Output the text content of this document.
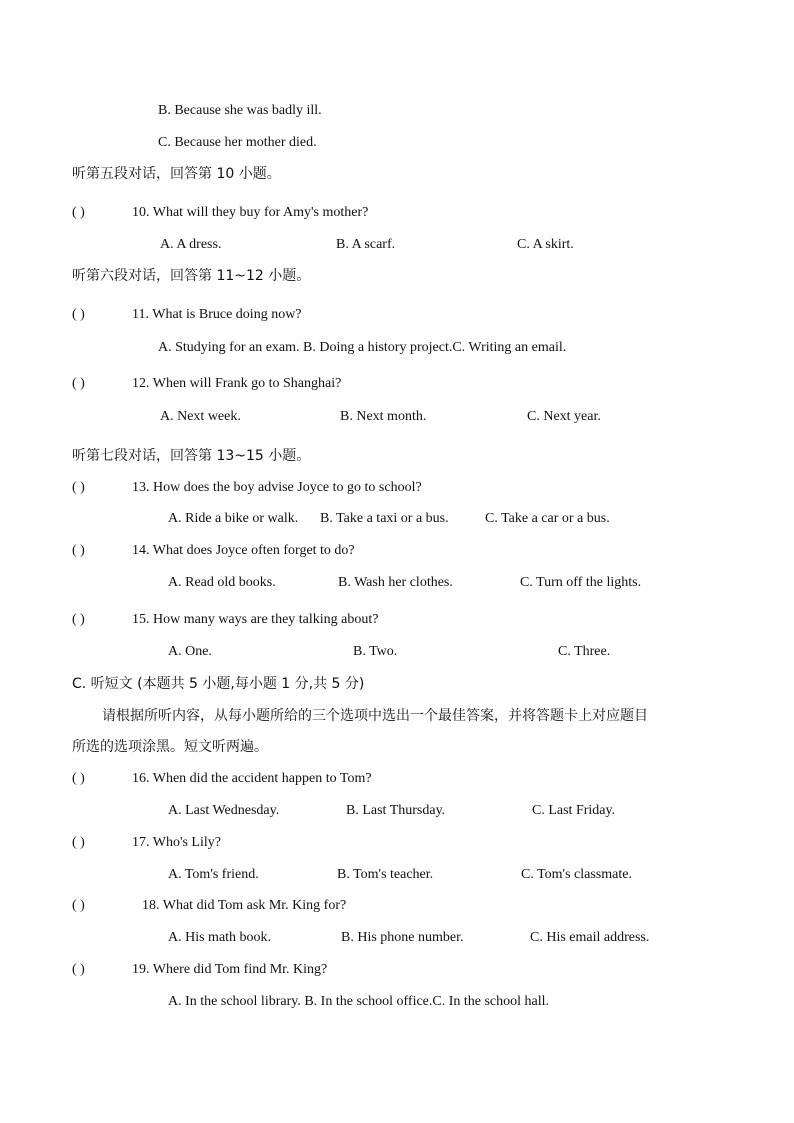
B. Because she was badly ill.
C. Because her mother died.
听第五段对话，回答第 10 小题。
( )	10. What will they buy for Amy's mother?
A. A dress.	B. A scarf.	C. A skirt.
听第六段对话，回答第 11~12 小题。
( )	11. What is Bruce doing now?
A. Studying for an exam. B. Doing a history project.C. Writing an email.
( )	12. When will Frank go to Shanghai?
A. Next week.	B. Next month.	C. Next year.
听第七段对话，回答第 13~15 小题。
( )	13. How does the boy advise Joyce to go to school?
A. Ride a bike or walk. B. Take a taxi or a bus.	C. Take a car or a bus.
( )	14. What does Joyce often forget to do?
A. Read old books.	B. Wash her clothes.	C. Turn off the lights.
( )	15. How many ways are they talking about?
A. One.	B. Two.	C. Three.
C. 听短文 (本题共 5 小题,每小题 1 分,共 5 分)
请根据所听内容，从每小题所给的三个选项中选出一个最佳答案，并将答题卡上对应题目
所选的选项涂黑。短文听两遍。
( )	16. When did the accident happen to Tom?
A. Last Wednesday.	B. Last Thursday.	C. Last Friday.
( )	17. Who's Lily?
A. Tom's friend.	B. Tom's teacher.	C. Tom's classmate.
( )	18. What did Tom ask Mr. King for?
A. His math book.	B. His phone number.	C. His email address.
( )	19. Where did Tom find Mr. King?
A. In the school library. B. In the school office.C. In the school hall.
